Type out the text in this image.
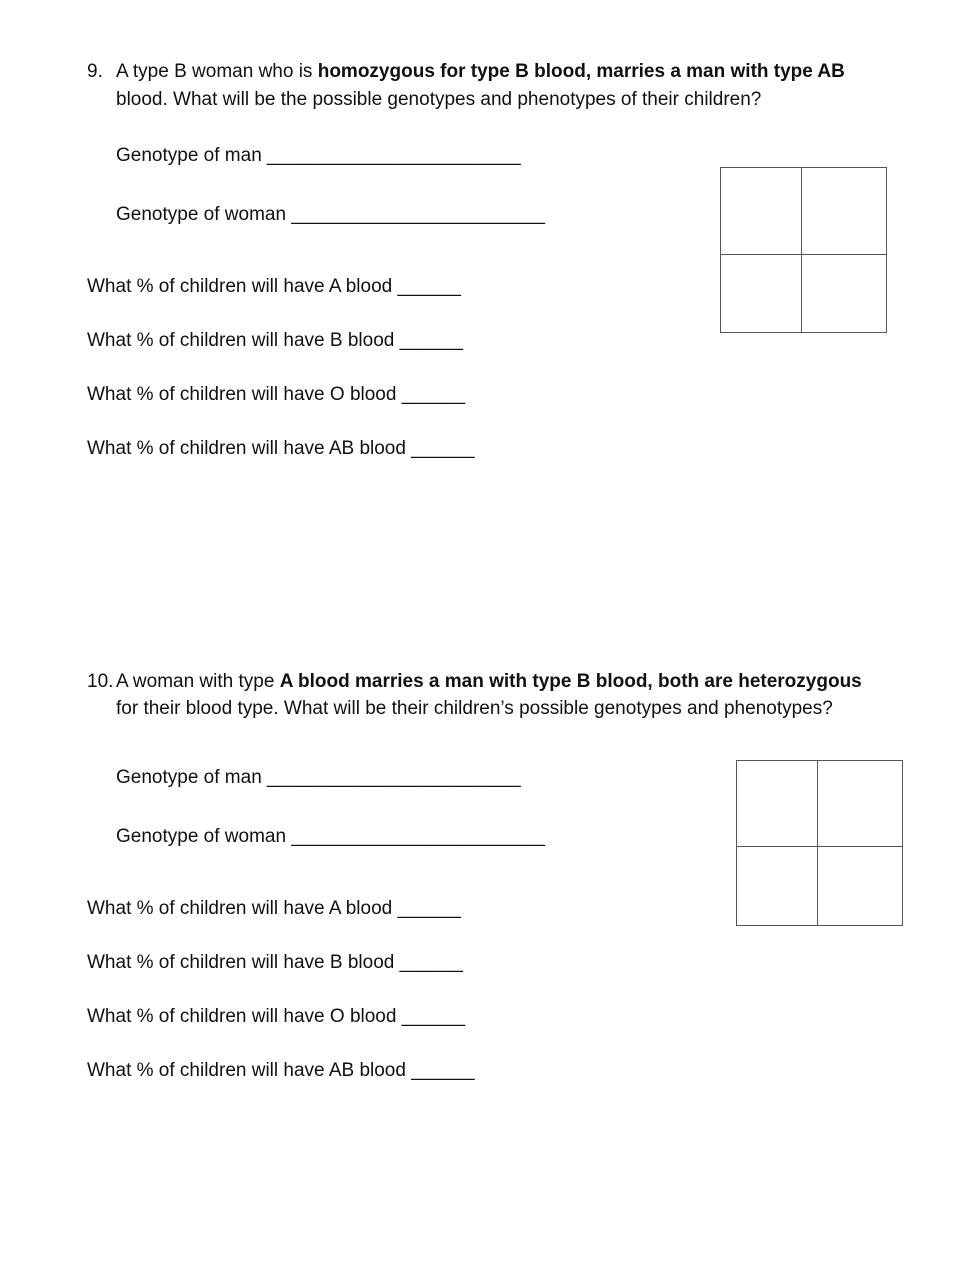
9. A type B woman who is homozygous for type B blood, marries a man with type AB
blood. What will be the possible genotypes and phenotypes of their children?
Genotype of man ________________________
Genotype of woman ________________________
What % of children will have A blood ______
What % of children will have B blood ______
What % of children will have O blood ______
What % of children will have AB blood ______
10. A woman with type A blood marries a man with type B blood, both are heterozygous
for their blood type. What will be their children’s possible genotypes and phenotypes?
Genotype of man ________________________
Genotype of woman ________________________
What % of children will have A blood ______
What % of children will have B blood ______
What % of children will have O blood ______
What % of children will have AB blood ______
